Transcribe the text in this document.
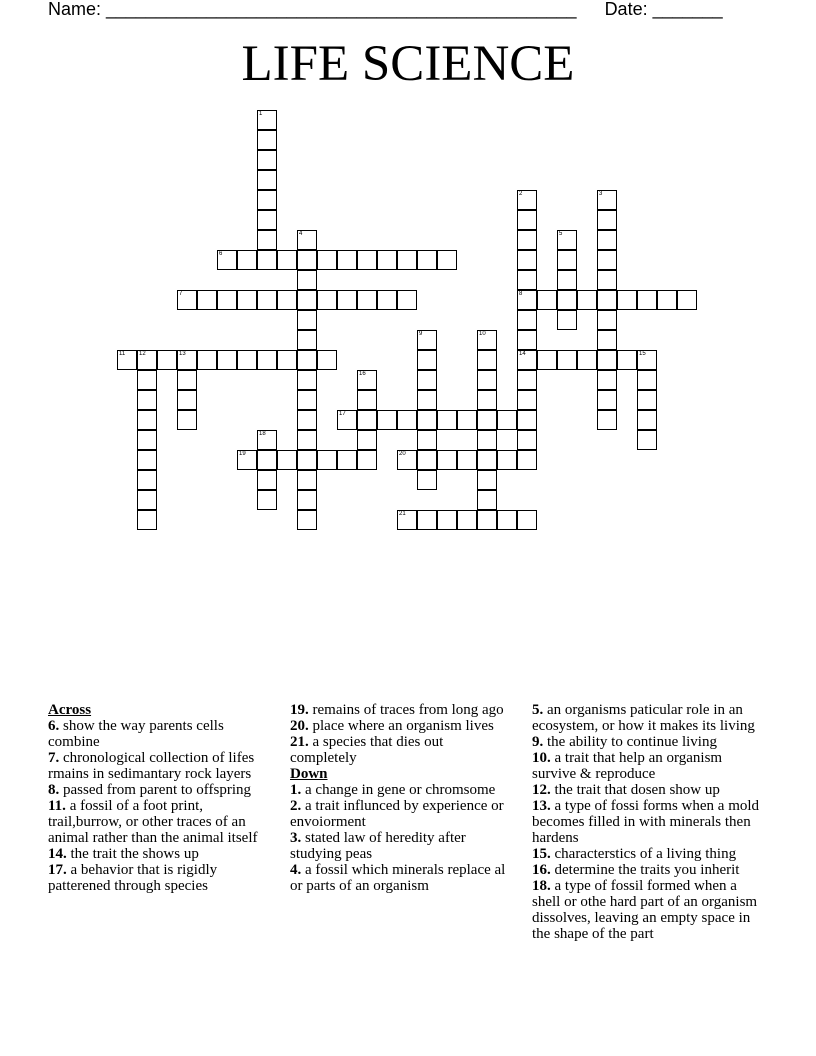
Name: _______________________________________________ Date: _______
LIFE SCIENCE
1
2
8
14
3
4	5
6
7
9	10
11 12	13	15
16
17
18
19	20
21

Across

6. show the way parents cells combine

7. chronological collection of lifes rmains in sedimantary rock layers

8. passed from parent to offspring

11. a fossil of a foot print, trail,burrow, or other traces of an animal rather than the animal itself

14. the trait the shows up

17. a behavior that is rigidly patterened through species

19. remains of traces from long ago

20. place where an organism lives

21. a species that dies out completely

Down

1. a change in gene or chromsome

2. a trait influnced by experience or envoiorment

3. stated law of heredity after studying peas

4. a fossil which minerals replace al or parts of an organism

5. an organisms paticular role in an ecosystem, or how it makes its living

9. the ability to continue living

10. a trait that help an organism survive & reproduce

12. the trait that dosen show up

13. a type of fossi forms when a mold becomes filled in with minerals then hardens

15. characterstics of a living thing

16. determine the traits you inherit

18. a type of fossil formed when a shell or othe hard part of an organism dissolves, leaving an empty space in the shape of the part
